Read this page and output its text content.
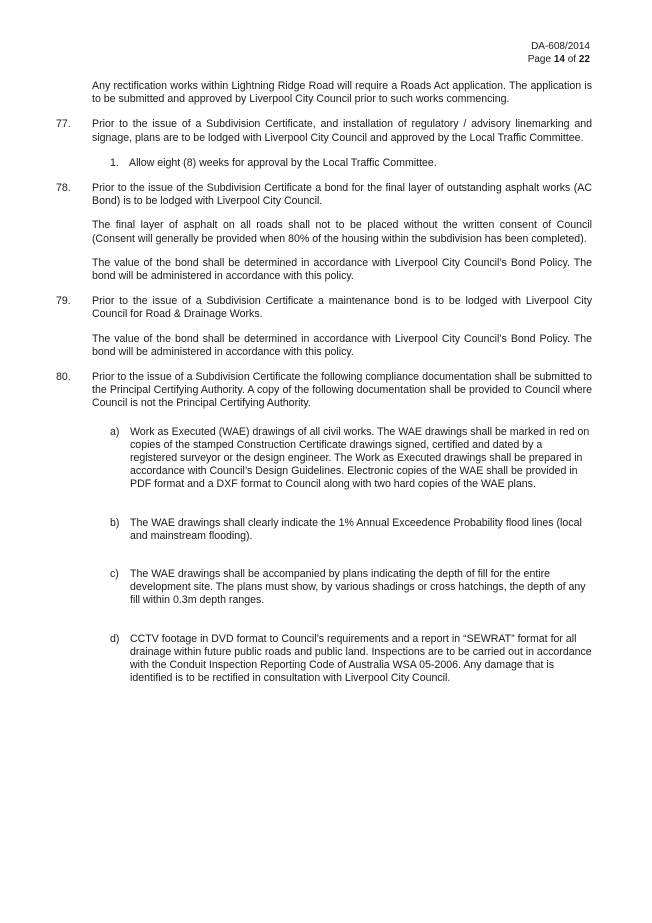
DA-608/2014
Page 14 of 22

Any rectification works within Lightning Ridge Road will require a Roads Act application. The application is to be submitted and approved by Liverpool City Council prior to such works commencing.

77.	Prior to the issue of a Subdivision Certificate, and installation of regulatory / advisory linemarking and signage, plans are to be lodged with Liverpool City Council and approved by the Local Traffic Committee.

1. Allow eight (8) weeks for approval by the Local Traffic Committee.
78.	Prior to the issue of the Subdivision Certificate a bond for the final layer of outstanding asphalt works (AC Bond) is to be lodged with Liverpool City Council.

The final layer of asphalt on all roads shall not to be placed without the written consent of Council (Consent will generally be provided when 80% of the housing within the subdivision has been completed).

The value of the bond shall be determined in accordance with Liverpool City Council’s Bond Policy. The bond will be administered in accordance with this policy.

79.	Prior to the issue of a Subdivision Certificate a maintenance bond is to be lodged with Liverpool City Council for Road & Drainage Works.

The value of the bond shall be determined in accordance with Liverpool City Council’s Bond Policy. The bond will be administered in accordance with this policy.

80.	Prior to the issue of a Subdivision Certificate the following compliance documentation shall be submitted to the Principal Certifying Authority. A copy of the following documentation shall be provided to Council where Council is not the Principal Certifying Authority.

a) Work as Executed (WAE) drawings of all civil works. The WAE drawings shall be marked in red on copies of the stamped Construction Certificate drawings signed, certified and dated by a registered surveyor or the design engineer. The Work as Executed drawings shall be prepared in accordance with Council’s Design Guidelines. Electronic copies of the WAE shall be provided in PDF format and a DXF format to Council along with two hard copies of the WAE plans.

b) The WAE drawings shall clearly indicate the 1% Annual Exceedence Probability flood lines (local and mainstream flooding).

c)	The WAE drawings shall be accompanied by plans indicating the depth of fill for the entire development site. The plans must show, by various shadings or cross hatchings, the depth of any fill within 0.3m depth ranges.

d) CCTV footage in DVD format to Council’s requirements and a report in “SEWRAT” format for all drainage within future public roads and public land. Inspections are to be carried out in accordance with the Conduit Inspection Reporting Code of Australia WSA 05-2006. Any damage that is identified is to be rectified in consultation with Liverpool City Council.
